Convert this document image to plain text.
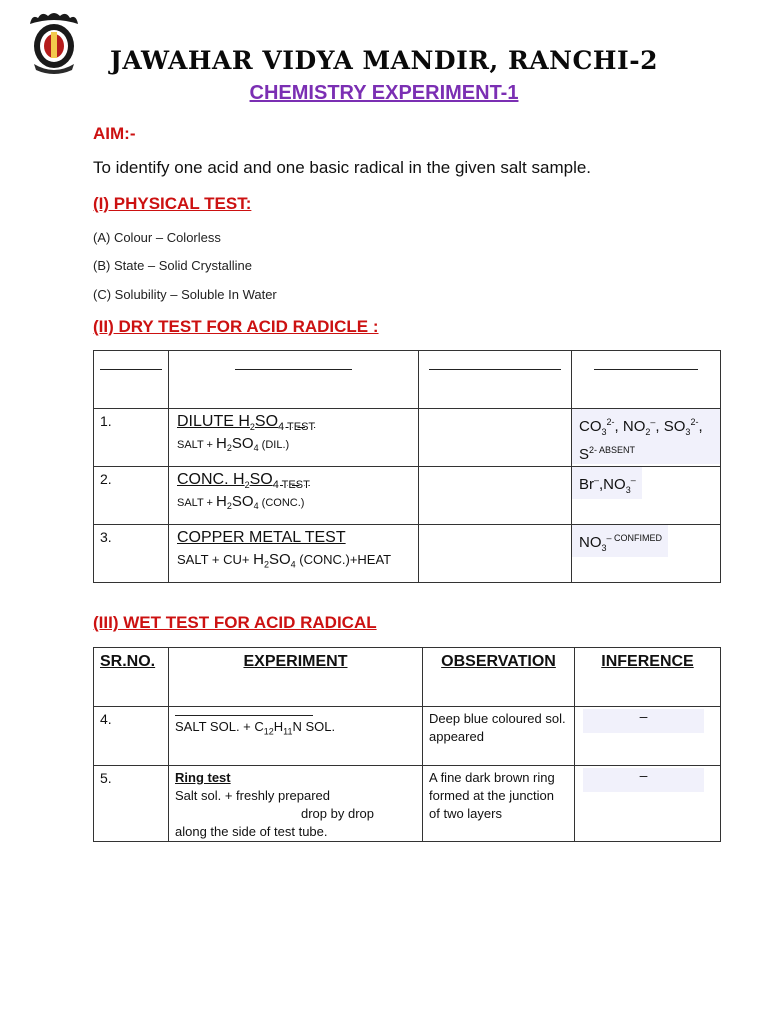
JAWAHAR VIDYA MANDIR, RANCHI-2
CHEMISTRY EXPERIMENT-1
AIM:-
To identify one acid and one basic radical in the given salt sample.
(I) PHYSICAL TEST:
(A) Colour – Colorless
(B) State – Solid Crystalline
(C) Solubility – Soluble In Water
(II) DRY TEST FOR ACID RADICLE :

1.	DILUTE $H_2SO_{4 TEST}$
SALT + $H_2SO_4$ (DIL.)		$CO_3^{2-}$, $NO_2^-$, $SO_3^{2-}$, $S^{2- ABSENT}$

2.	CONC. $H_2SO_{4 TEST}$
SALT + $H_2SO_4$ (CONC.)		$Br^-,NO_3^-$
3.	COPPER METAL TEST
SALT + $CU+ H_2SO_4$ (CONC.)+HEAT		$NO_3^{- CONFIMED}$
(III) WET TEST FOR ACID RADICAL
SR.NO.	EXPERIMENT	OBSERVATION	INFERENCE
4.	SALT SOL. + $C_{12}H_{11}N$ SOL.	Deep blue coloured sol. appeared	–

5.	Ring test
Salt sol. + freshly prepared

drop by drop
along the side of test tube.	A fine dark brown ring formed at the junction of two layers	–
